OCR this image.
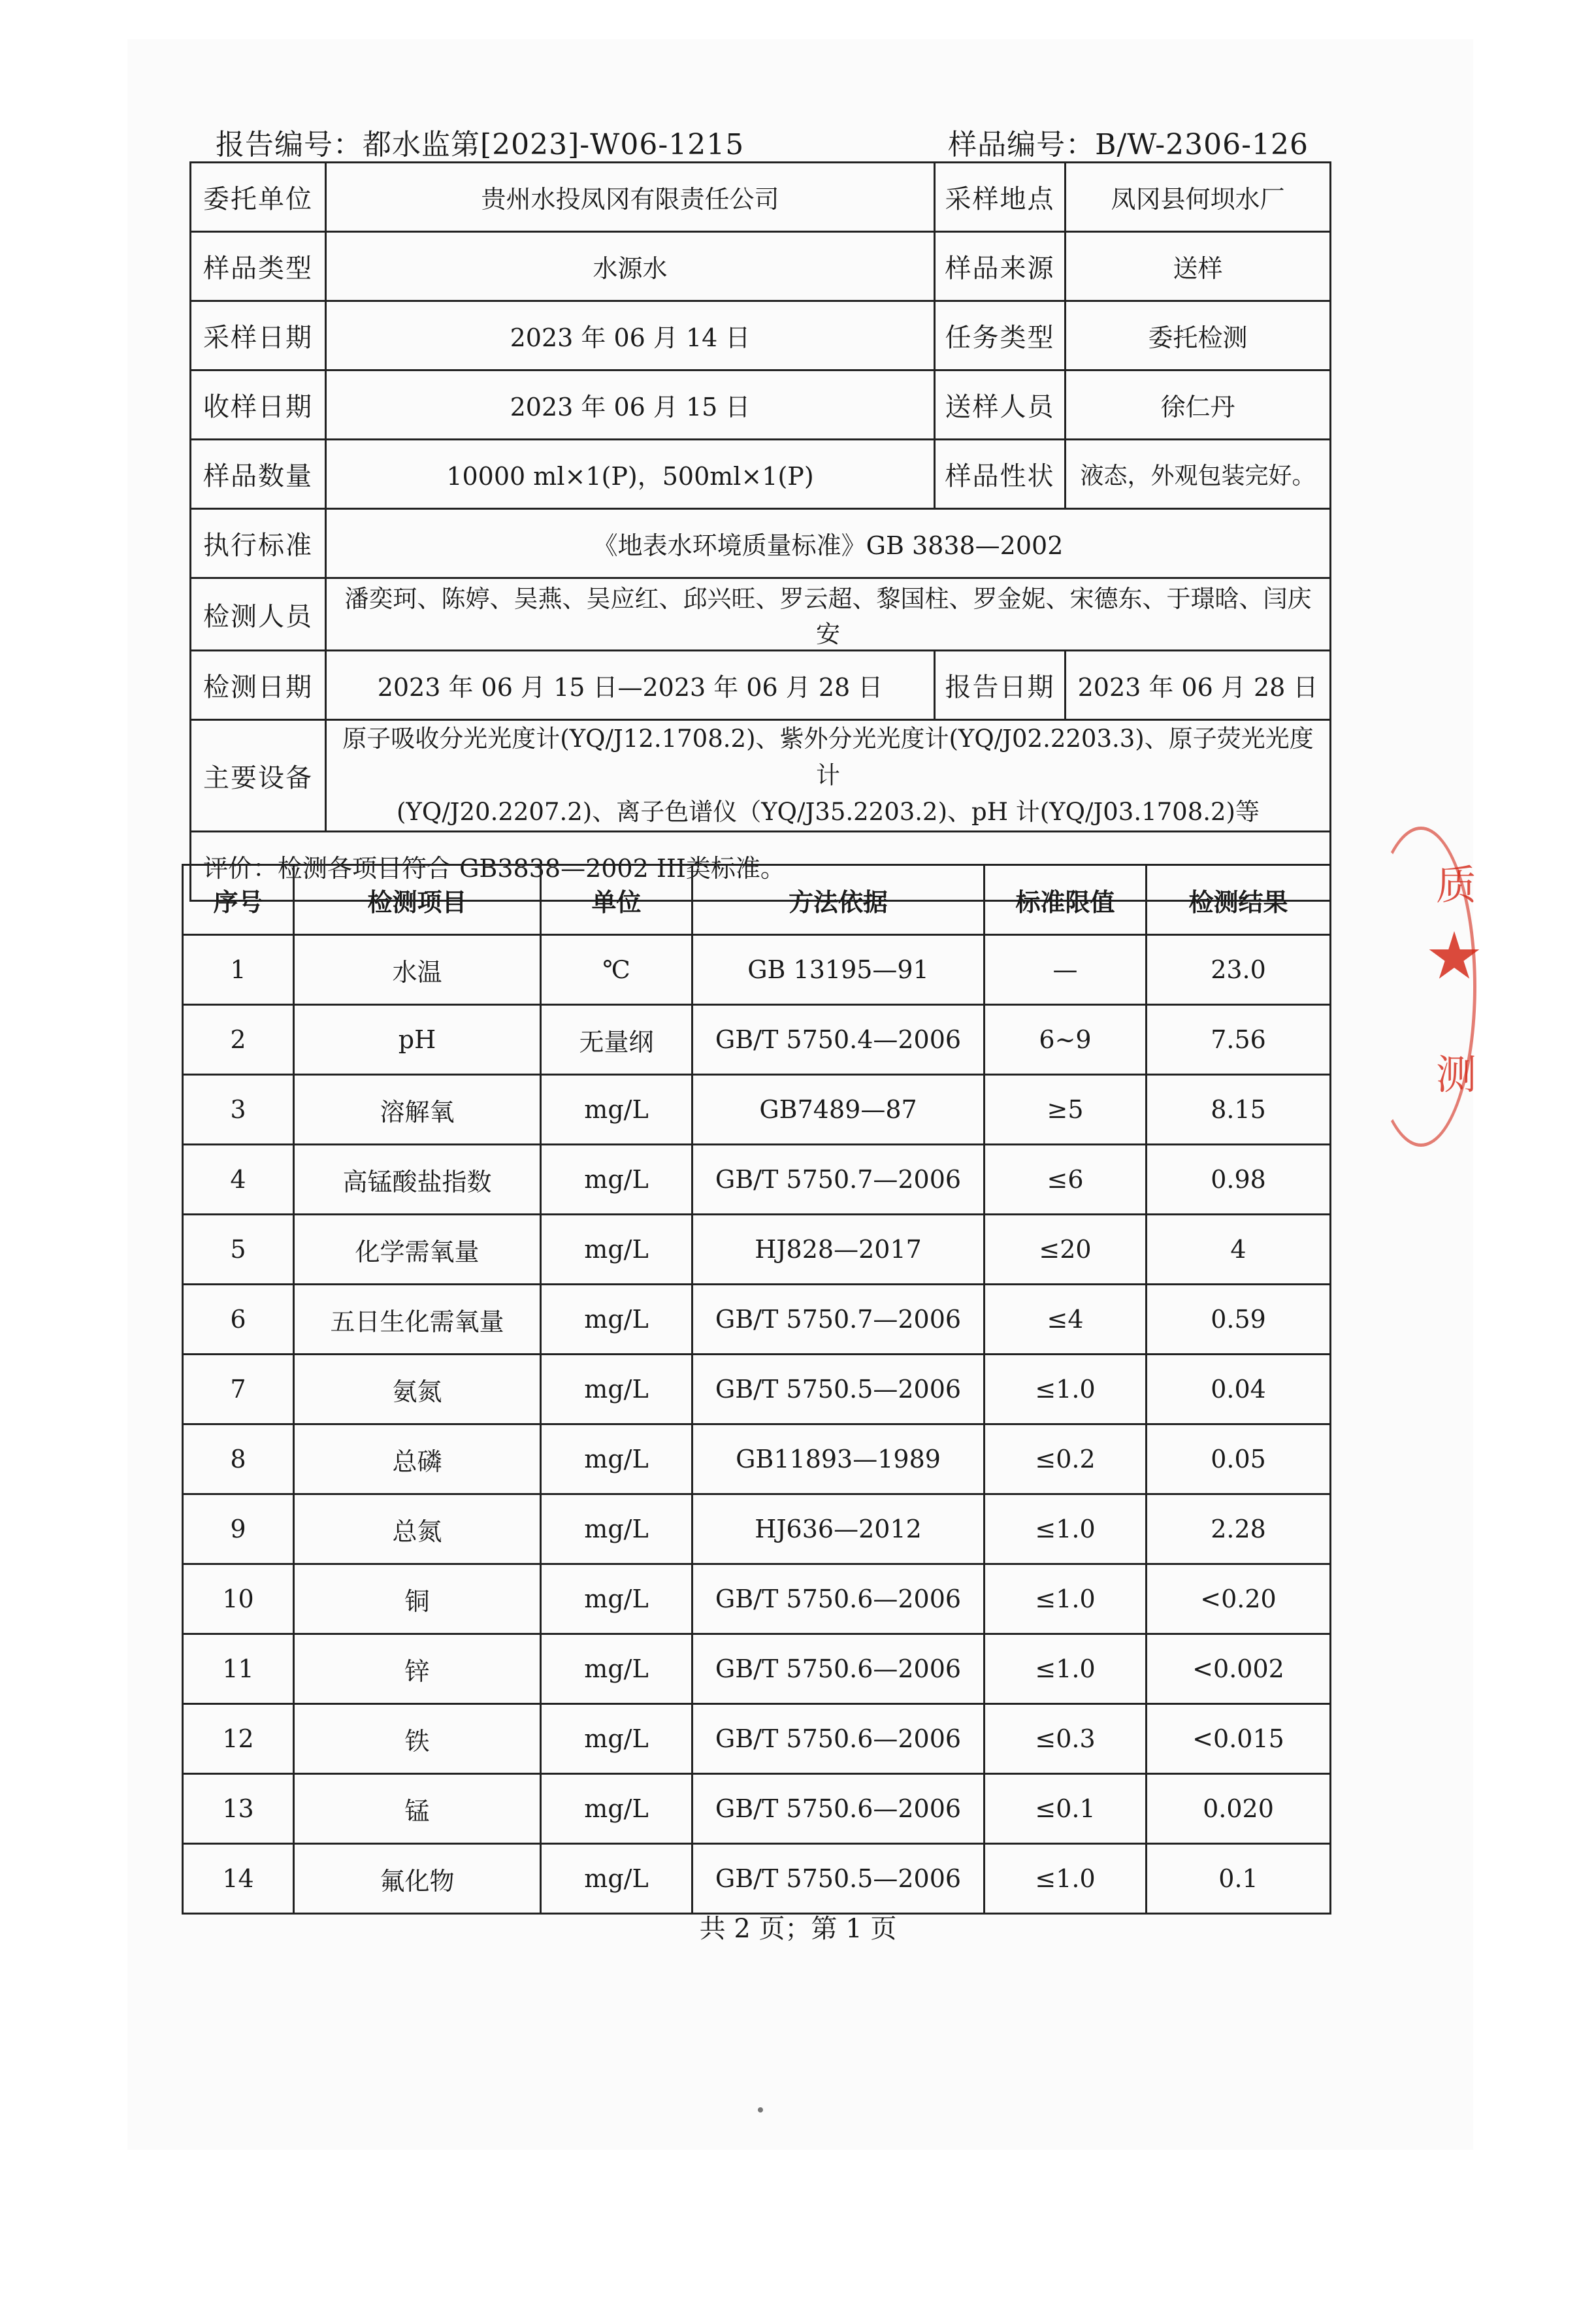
报告编号：都水监第[2023]-W06-1215	样品编号：B/W-2306-126
委托单位	贵州水投凤冈有限责任公司	采样地点	凤冈县何坝水厂
样品类型	水源水	样品来源	送样
采样日期	2023 年 06 月 14 日	任务类型	委托检测
收样日期	2023 年 06 月 15 日	送样人员	徐仁丹
样品数量	10000 ml×1(P)，500ml×1(P)	样品性状	液态，外观包装完好。
执行标准	《地表水环境质量标准》GB 3838—2002		
检测人员	潘奕珂、陈婷、吴燕、吴应红、邱兴旺、罗云超、黎国柱、罗金妮、宋德东、于璟晗、闫庆安		
检测日期	2023 年 06 月 15 日—2023 年 06 月 28 日	报告日期	2023 年 06 月 28 日
主要设备	原子吸收分光光度计(YQ/J12.1708.2)、紫外分光光度计(YQ/J02.2203.3)、原子荧光光度计
(YQ/J20.2207.2)、离子色谱仪（YQ/J35.2203.2)、pH 计(YQ/J03.1708.2)等		

评价：检测各项目符合 GB3838—2002 III类标准。			
序号	检测项目	单位	方法依据	标准限值	检测结果
1	水温	℃	GB 13195—91	—	23.0
2	pH	无量纲	GB/T 5750.4—2006	6~9	7.56
3	溶解氧	mg/L	GB7489—87	≥5	8.15
4	高锰酸盐指数	mg/L	GB/T 5750.7—2006	≤6	0.98
5	化学需氧量	mg/L	HJ828—2017	≤20	4
6	五日生化需氧量	mg/L	GB/T 5750.7—2006	≤4	0.59
7	氨氮	mg/L	GB/T 5750.5—2006	≤1.0	0.04
8	总磷	mg/L	GB11893—1989	≤0.2	0.05
9	总氮	mg/L	HJ636—2012	≤1.0	2.28
10	铜	mg/L	GB/T 5750.6—2006	≤1.0	<0.20
11	锌	mg/L	GB/T 5750.6—2006	≤1.0	<0.002
12	铁	mg/L	GB/T 5750.6—2006	≤0.3	<0.015
13	锰	mg/L	GB/T 5750.6—2006	≤0.1	0.020
14	氟化物	mg/L	GB/T 5750.5—2006	≤1.0	0.1
共 2 页；第 1 页
质
测
